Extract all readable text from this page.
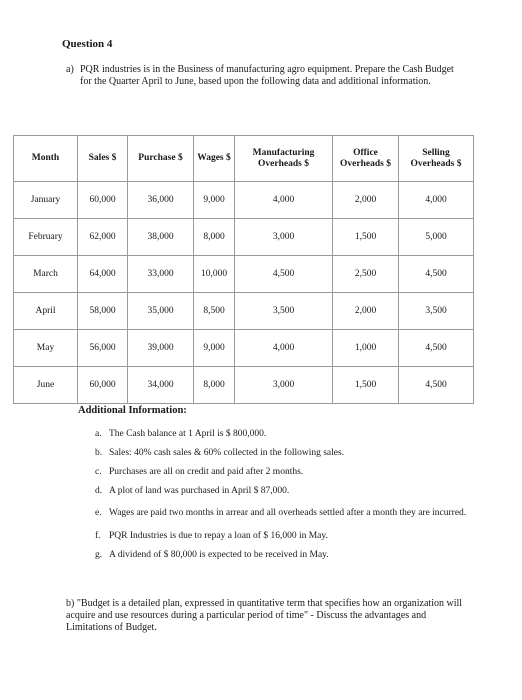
Question 4
a) PQR industries is in the Business of manufacturing agro equipment. Prepare the Cash Budget for the Quarter April to June, based upon the following data and additional information.
Month	Sales $	Purchase $	Wages $	Manufacturing Overheads $	Office Overheads $	Selling Overheads $
January	60,000	36,000	9,000	4,000	2,000	4,000
February	62,000	38,000	8,000	3,000	1,500	5,000
March	64,000	33,000	10,000	4,500	2,500	4,500
April	58,000	35,000	8,500	3,500	2,000	3,500
May	56,000	39,000	9,000	4,000	1,000	4,500
June	60,000	34,000	8,000	3,000	1,500	4,500
Additional Information:
a. The Cash balance at 1 April is $ 800,000.
b. Sales: 40% cash sales & 60% collected in the following sales.
c. Purchases are all on credit and paid after 2 months.
d. A plot of land was purchased in April $ 87,000.
e. Wages are paid two months in arrear and all overheads settled after a month they are incurred.
f. PQR Industries is due to repay a loan of $ 16,000 in May.
g. A dividend of $ 80,000 is expected to be received in May.
b) "Budget is a detailed plan, expressed in quantitative term that specifies how an organization will acquire and use resources during a particular period of time" - Discuss the advantages and Limitations of Budget.
